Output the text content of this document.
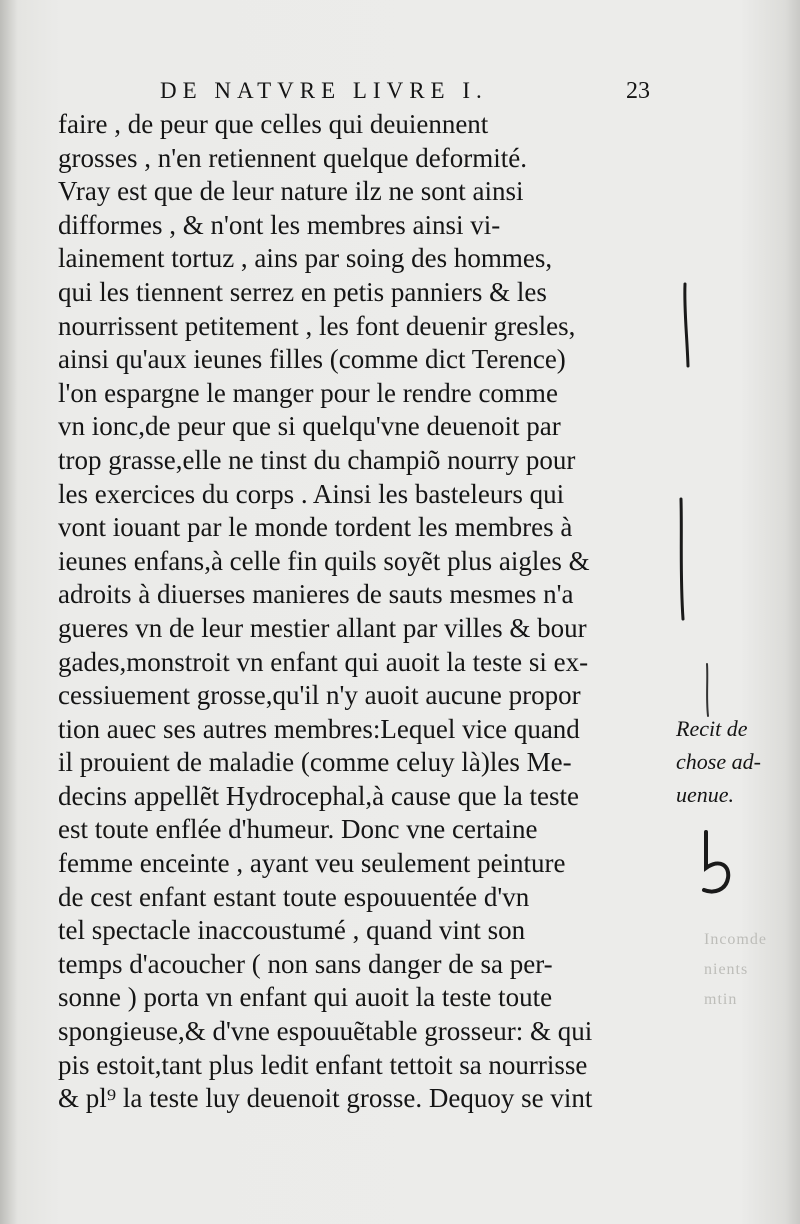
DE NATVRE LIVRE I.	23
faire , de peur que celles qui deuiennent
grosses , n'en retiennent quelque deformité.
Vray est que de leur nature ilz ne sont ainsi
difformes , & n'ont les membres ainsi vi-
lainement tortuz , ains par soing des hommes,
qui les tiennent serrez en petis panniers & les
nourrissent petitement , les font deuenir gresles,
ainsi qu'aux ieunes filles (comme dict Terence)
l'on espargne le manger pour le rendre comme
vn ionc,de peur que si quelqu'vne deuenoit par
trop grasse,elle ne tinst du champiõ nourry pour
les exercices du corps . Ainsi les basteleurs qui
vont iouant par le monde tordent les membres à
ieunes enfans,à celle fin quils soyẽt plus aigles &
adroits à diuerses manieres de sauts mesmes n'a
gueres vn de leur mestier allant par villes & bour
gades,monstroit vn enfant qui auoit la teste si ex-
cessiuement grosse,qu'il n'y auoit aucune propor
tion auec ses autres membres:Lequel vice quand
il prouient de maladie (comme celuy là)les Me-
decins appellẽt Hydrocephal,à cause que la teste
est toute enflée d'humeur. Donc vne certaine
femme enceinte , ayant veu seulement peinture
de cest enfant estant toute espouuentée d'vn
tel spectacle inaccoustumé , quand vint son
temps d'acoucher ( non sans danger de sa per-
sonne ) porta vn enfant qui auoit la teste toute
spongieuse,& d'vne espouuẽtable grosseur: & qui
pis estoit,tant plus ledit enfant tettoit sa nourrisse
& pl⁹ la teste luy deuenoit grosse. Dequoy se vint
Recit de
chose ad-
uenue.
Incomde
nients
mtin
